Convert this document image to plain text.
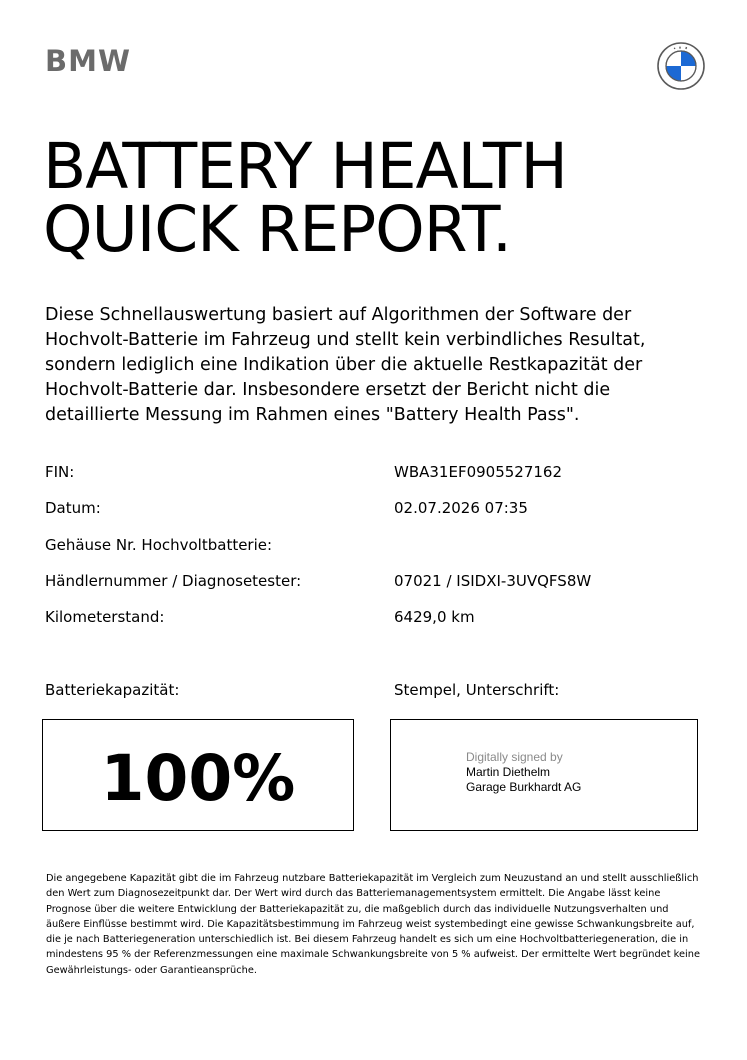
BMW
BATTERY HEALTH
QUICK REPORT.

Diese Schnellauswertung basiert auf Algorithmen der Software der Hochvolt-Batterie im Fahrzeug und stellt kein verbindliches Resultat, sondern lediglich eine Indikation über die aktuelle Restkapazität der Hochvolt-Batterie dar. Insbesondere ersetzt der Bericht nicht die detaillierte Messung im Rahmen eines "Battery Health Pass".

FIN:	WBA31EF0905527162
Datum:	02.07.2026 07:35
Gehäuse Nr. Hochvoltbatterie:
Händlernummer / Diagnosetester:	07021 / ISIDXI-3UVQFS8W
Kilometerstand:	6429,0 km
Batteriekapazität:	Stempel, Unterschrift:
100%	Digitally signed by
Martin Diethelm
Garage Burkhardt AG

Die angegebene Kapazität gibt die im Fahrzeug nutzbare Batteriekapazität im Vergleich zum Neuzustand an und stellt ausschließlich den Wert zum Diagnosezeitpunkt dar. Der Wert wird durch das Batteriemanagementsystem ermittelt. Die Angabe lässt keine Prognose über die weitere Entwicklung der Batteriekapazität zu, die maßgeblich durch das individuelle Nutzungsverhalten und äußere Einflüsse bestimmt wird. Die Kapazitätsbestimmung im Fahrzeug weist systembedingt eine gewisse Schwankungsbreite auf, die je nach Batteriegeneration unterschiedlich ist. Bei diesem Fahrzeug handelt es sich um eine Hochvoltbatteriegeneration, die in mindestens 95 % der Referenzmessungen eine maximale Schwankungsbreite von 5 % aufweist. Der ermittelte Wert begründet keine Gewährleistungs- oder Garantieansprüche.
